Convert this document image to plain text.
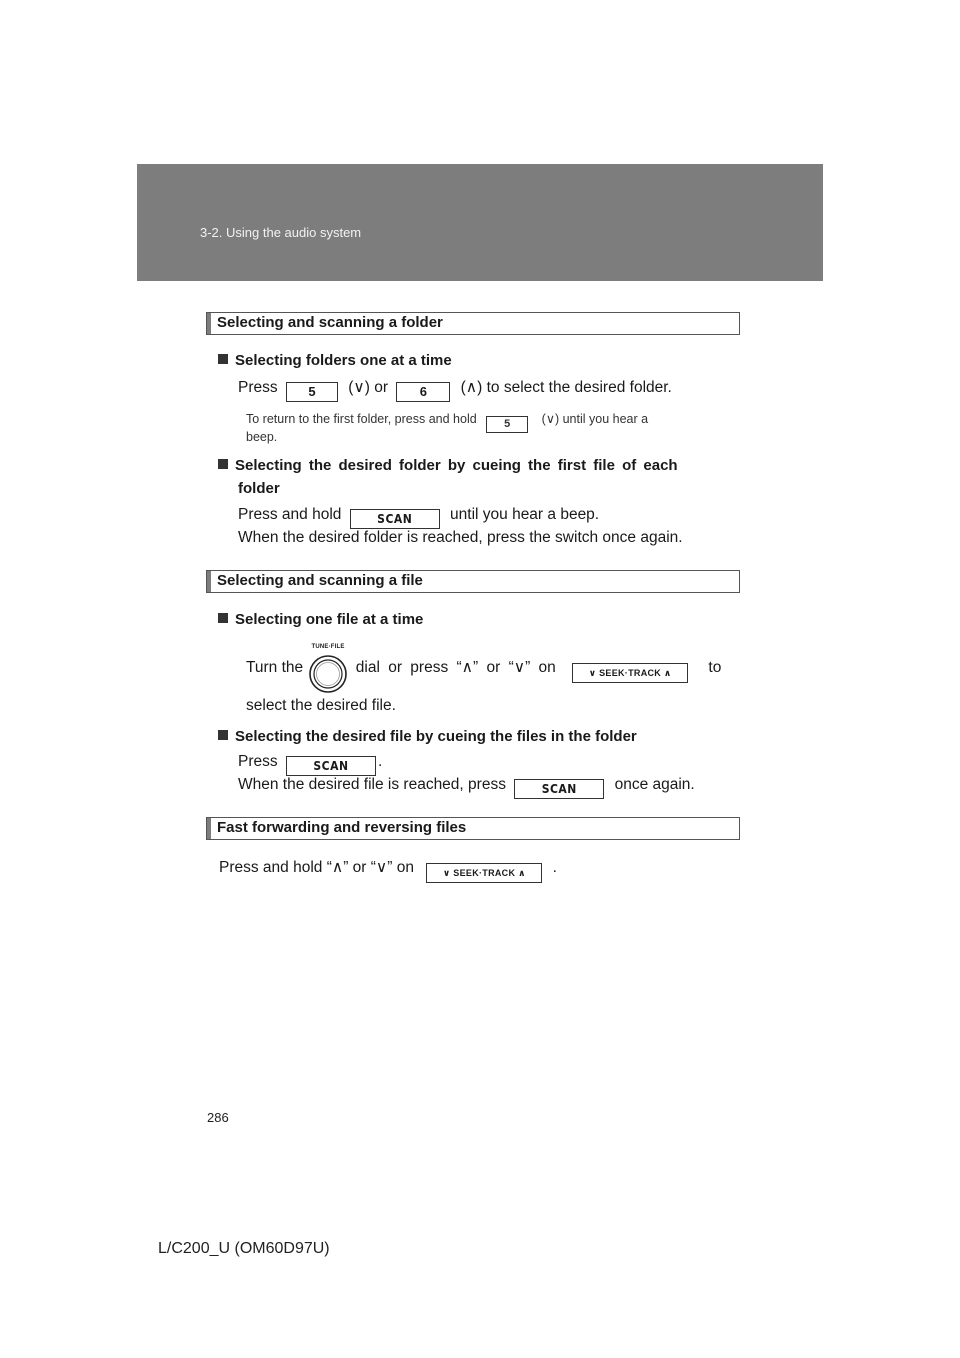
3-2. Using the audio system
Selecting and scanning a folder
Selecting folders one at a time
Press 5 (∨) or 6 (∧) to select the desired folder.
To return to the first folder, press and hold 5	(∨) until you hear a
beep.
Selecting the desired folder by cueing the first file of each
folder
Press and hold	SCAN until you hear a beep.
When the desired folder is reached, press the switch once again.
Selecting and scanning a file
Selecting one file at a time
Turn the
TUNE·FILE
dial or press “∧” or “∨” on	∨ SEEK·TRACK ∧ to
select the desired file.
Selecting the desired file by cueing the files in the folder
Press	SCAN .
When the desired file is reached, press	SCAN once again.
Fast forwarding and reversing files
Press and hold “∧” or “∨” on	∨ SEEK·TRACK ∧ .
286
L/C200_U (OM60D97U)
